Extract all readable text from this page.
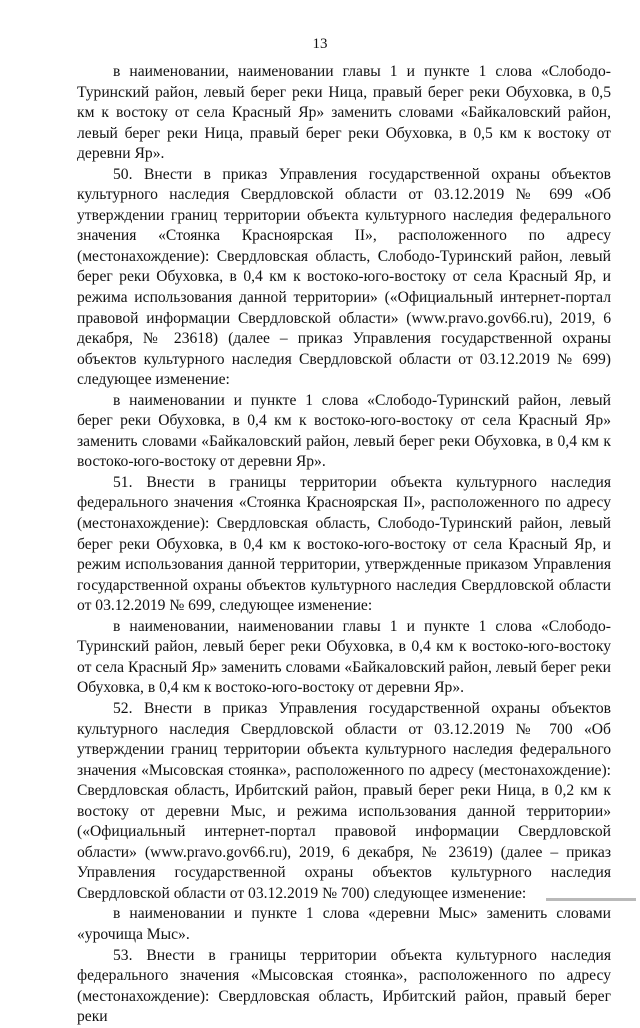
13

в наименовании, наименовании главы 1 и пункте 1 слова «Слободо-Туринский район, левый берег реки Ница, правый берег реки Обуховка, в 0,5 км к востоку от села Красный Яр» заменить словами «Байкаловский район, левый берег реки Ница, правый берег реки Обуховка, в 0,5 км к востоку от деревни Яр».

50. Внести в приказ Управления государственной охраны объектов культурного наследия Свердловской области от 03.12.2019 № 699 «Об утверждении границ территории объекта культурного наследия федерального значения «Стоянка Красноярская II», расположенного по адресу (местонахождение): Свердловская область, Слободо-Туринский район, левый берег реки Обуховка, в 0,4 км к востоко-юго-востоку от села Красный Яр, и режима использования данной территории» («Официальный интернет-портал правовой информации Свердловской области» (www.pravo.gov66.ru), 2019, 6 декабря, № 23618) (далее – приказ Управления государственной охраны объектов культурного наследия Свердловской области от 03.12.2019 № 699) следующее изменение:

в наименовании и пункте 1 слова «Слободо-Туринский район, левый берег реки Обуховка, в 0,4 км к востоко-юго-востоку от села Красный Яр» заменить словами «Байкаловский район, левый берег реки Обуховка, в 0,4 км к востоко-юго-востоку от деревни Яр».

51. Внести в границы территории объекта культурного наследия федерального значения «Стоянка Красноярская II», расположенного по адресу (местонахождение): Свердловская область, Слободо-Туринский район, левый берег реки Обуховка, в 0,4 км к востоко-юго-востоку от села Красный Яр, и режим использования данной территории, утвержденные приказом Управления государственной охраны объектов культурного наследия Свердловской области от 03.12.2019 № 699, следующее изменение:

в наименовании, наименовании главы 1 и пункте 1 слова «Слободо-Туринский район, левый берег реки Обуховка, в 0,4 км к востоко-юго-востоку от села Красный Яр» заменить словами «Байкаловский район, левый берег реки Обуховка, в 0,4 км к востоко-юго-востоку от деревни Яр».

52. Внести в приказ Управления государственной охраны объектов культурного наследия Свердловской области от 03.12.2019 № 700 «Об утверждении границ территории объекта культурного наследия федерального значения «Мысовская стоянка», расположенного по адресу (местонахождение): Свердловская область, Ирбитский район, правый берег реки Ница, в 0,2 км к востоку от деревни Мыс, и режима использования данной территории» («Официальный интернет-портал правовой информации Свердловской области» (www.pravo.gov66.ru), 2019, 6 декабря, № 23619) (далее – приказ Управления государственной охраны объектов культурного наследия Свердловской области от 03.12.2019 № 700) следующее изменение:

в наименовании и пункте 1 слова «деревни Мыс» заменить словами «урочища Мыс».

53. Внести в границы территории объекта культурного наследия федерального значения «Мысовская стоянка», расположенного по адресу (местонахождение): Свердловская область, Ирбитский район, правый берег реки
